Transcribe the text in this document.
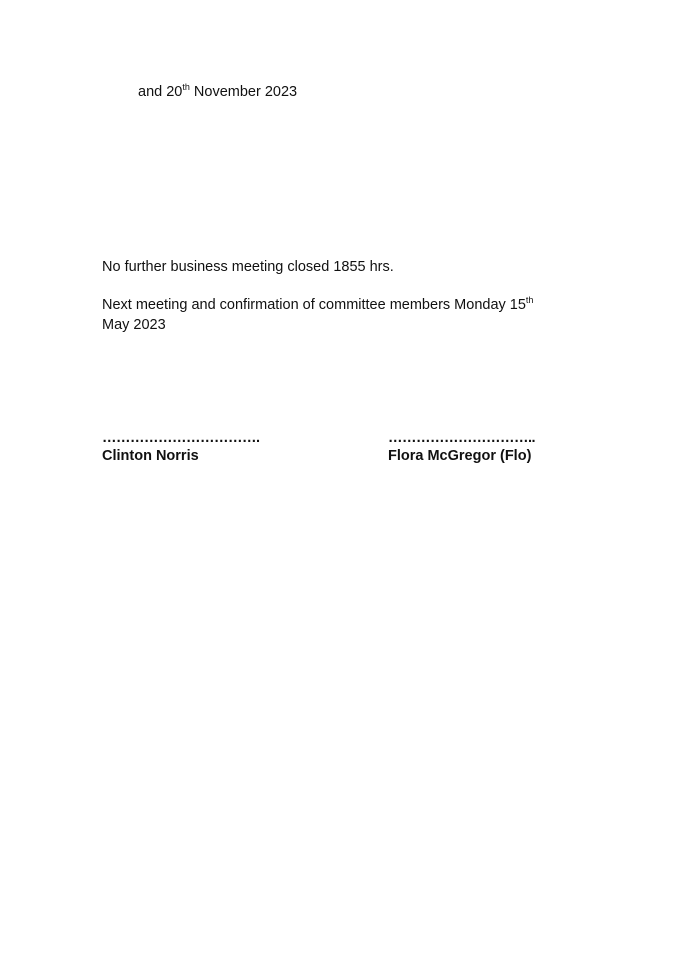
and 20th November 2023
No further business meeting closed 1855 hrs.
Next meeting and confirmation of committee members Monday 15th
May 2023
…………………………….
Clinton Norris
…………………………..
Flora McGregor (Flo)
